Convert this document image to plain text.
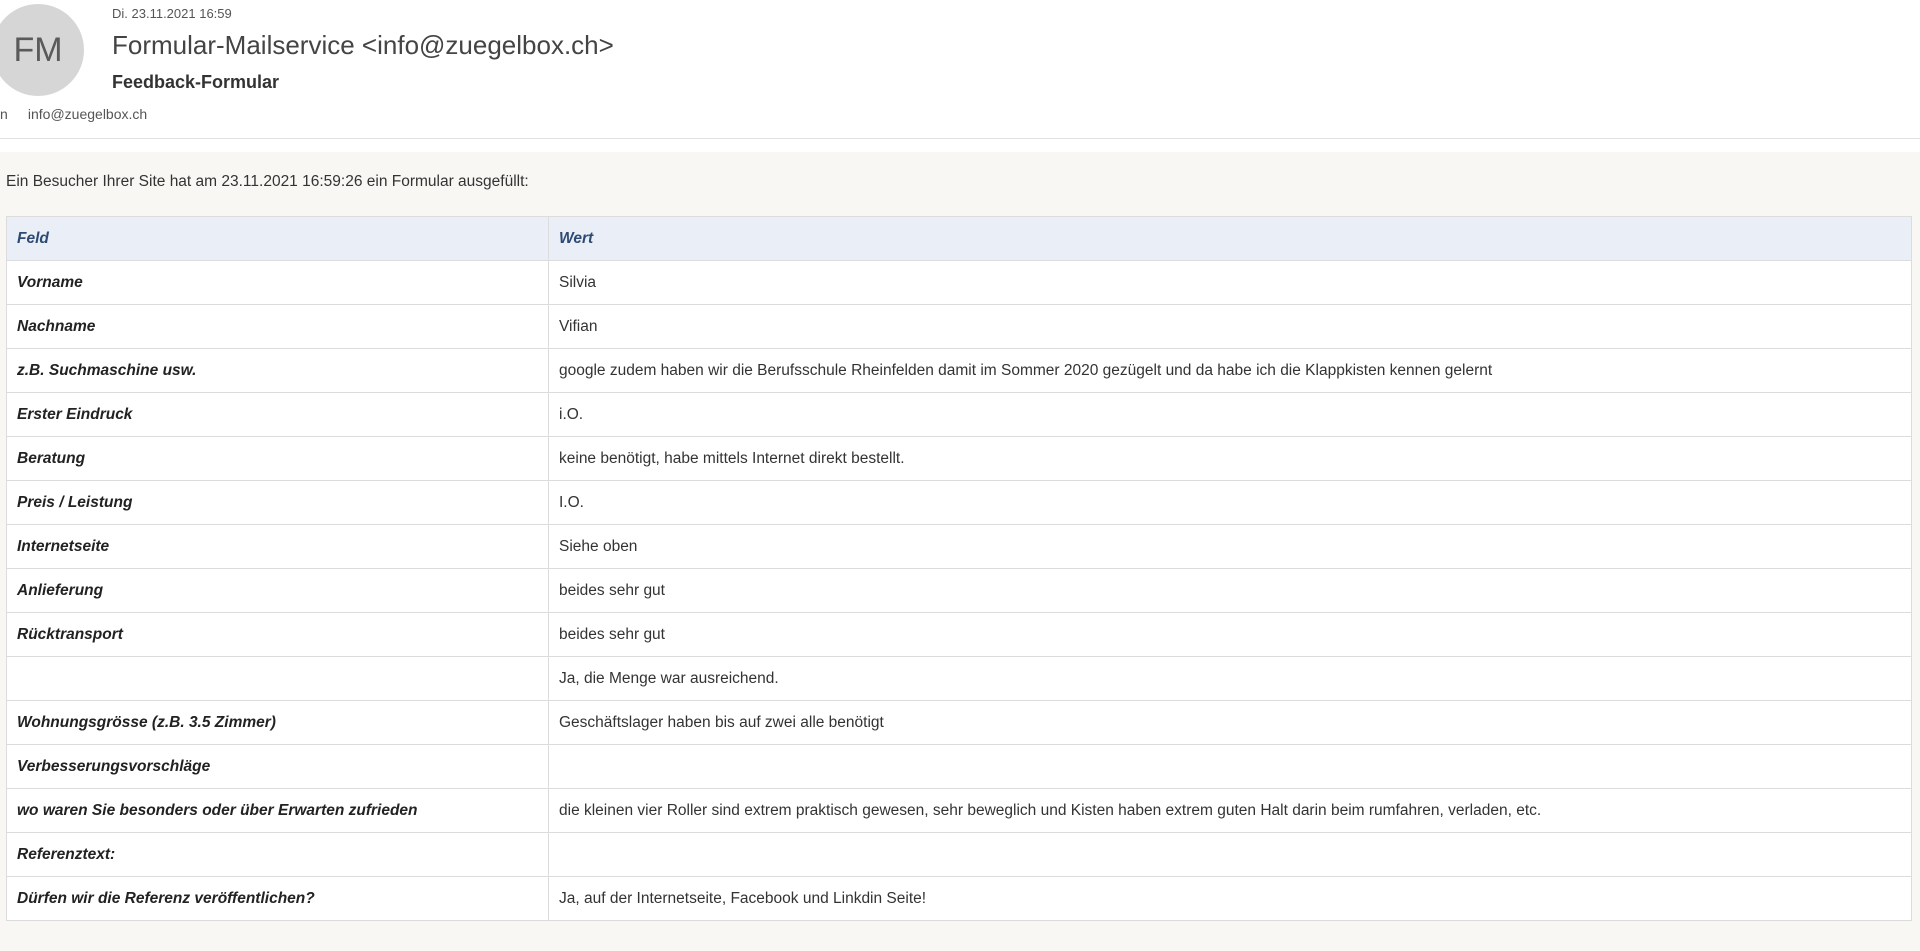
FM
Di. 23.11.2021 16:59
Formular-Mailservice <info@zuegelbox.ch>
Feedback-Formular
n info@zuegelbox.ch
Ein Besucher Ihrer Site hat am 23.11.2021 16:59:26 ein Formular ausgefüllt:
Feld	Wert
Vorname	Silvia
Nachname	Vifian
z.B. Suchmaschine usw.	google zudem haben wir die Berufsschule Rheinfelden damit im Sommer 2020 gezügelt und da habe ich die Klappkisten kennen gelernt
Erster Eindruck	i.O.
Beratung	keine benötigt, habe mittels Internet direkt bestellt.
Preis / Leistung	I.O.
Internetseite	Siehe oben
Anlieferung	beides sehr gut
Rücktransport	beides sehr gut
	Ja, die Menge war ausreichend.
Wohnungsgrösse (z.B. 3.5 Zimmer)	Geschäftslager haben bis auf zwei alle benötigt
Verbesserungsvorschläge	
wo waren Sie besonders oder über Erwarten zufrieden	die kleinen vier Roller sind extrem praktisch gewesen, sehr beweglich und Kisten haben extrem guten Halt darin beim rumfahren, verladen, etc.
Referenztext:	
Dürfen wir die Referenz veröffentlichen?	Ja, auf der Internetseite, Facebook und Linkdin Seite!
